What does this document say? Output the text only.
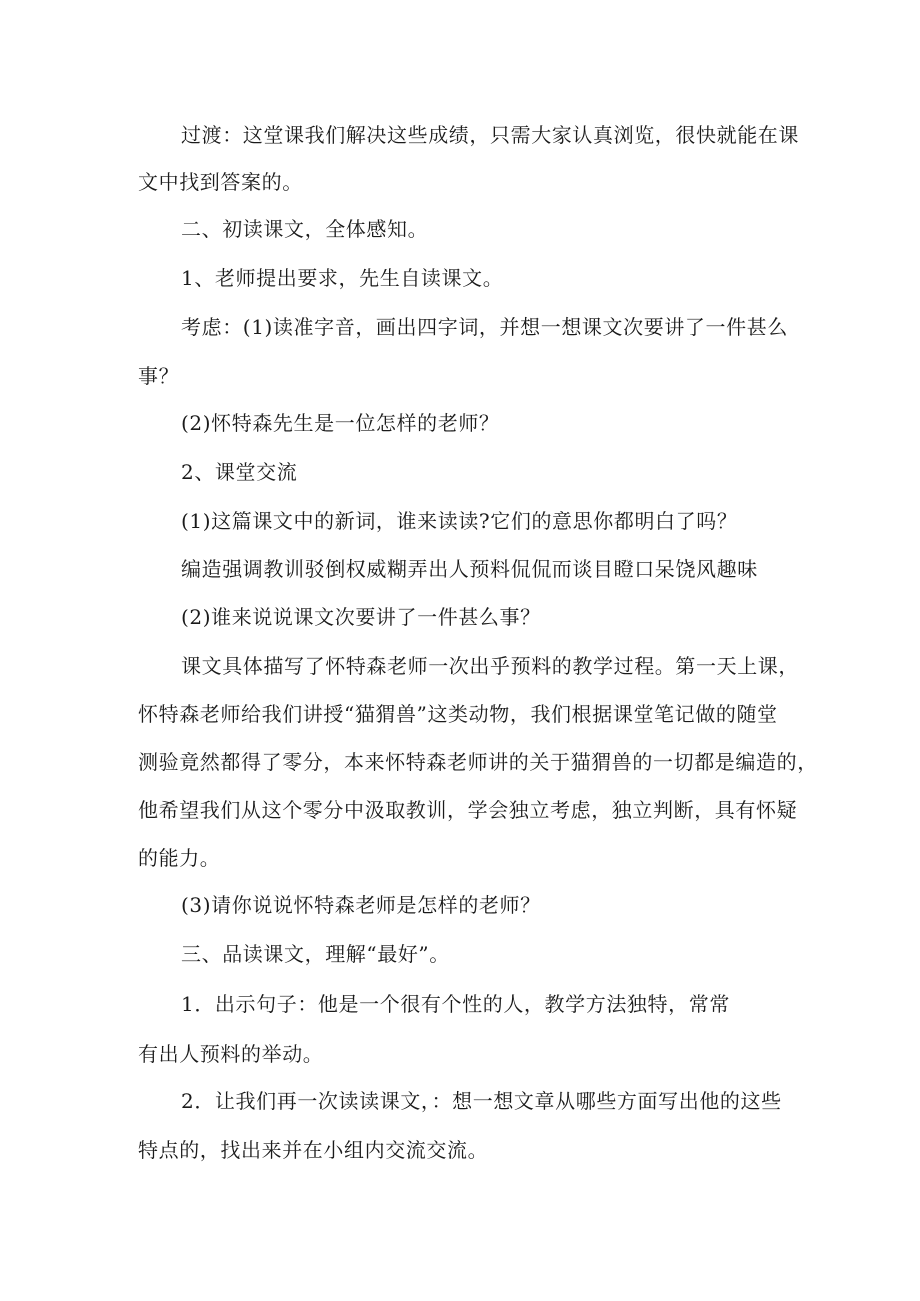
过渡：这堂课我们解决这些成绩，只需大家认真浏览，很快就能在课
文中找到答案的。
二、初读课文，全体感知。
1、老师提出要求，先生自读课文。
考虑：(1)读准字音，画出四字词，并想一想课文次要讲了一件甚么
事？
(2)怀特森先生是一位怎样的老师？
2、课堂交流
(1)这篇课文中的新词，谁来读读?它们的意思你都明白了吗？
编造强调教训驳倒权威糊弄出人预料侃侃而谈目瞪口呆饶风趣味
(2)谁来说说课文次要讲了一件甚么事？
课文具体描写了怀特森老师一次出乎预料的教学过程。第一天上课，
怀特森老师给我们讲授“猫猬兽”这类动物，我们根据课堂笔记做的随堂
测验竟然都得了零分，本来怀特森老师讲的关于猫猬兽的一切都是编造的，
他希望我们从这个零分中汲取教训，学会独立考虑，独立判断，具有怀疑
的能力。
(3)请你说说怀特森老师是怎样的老师？
三、品读课文，理解“最好”。
1．出示句子：他是一个很有个性的人，教学方法独特，常常
有出人预料的举动。
2．让我们再一次读读课文，：想一想文章从哪些方面写出他的这些
特点的，找出来并在小组内交流交流。
